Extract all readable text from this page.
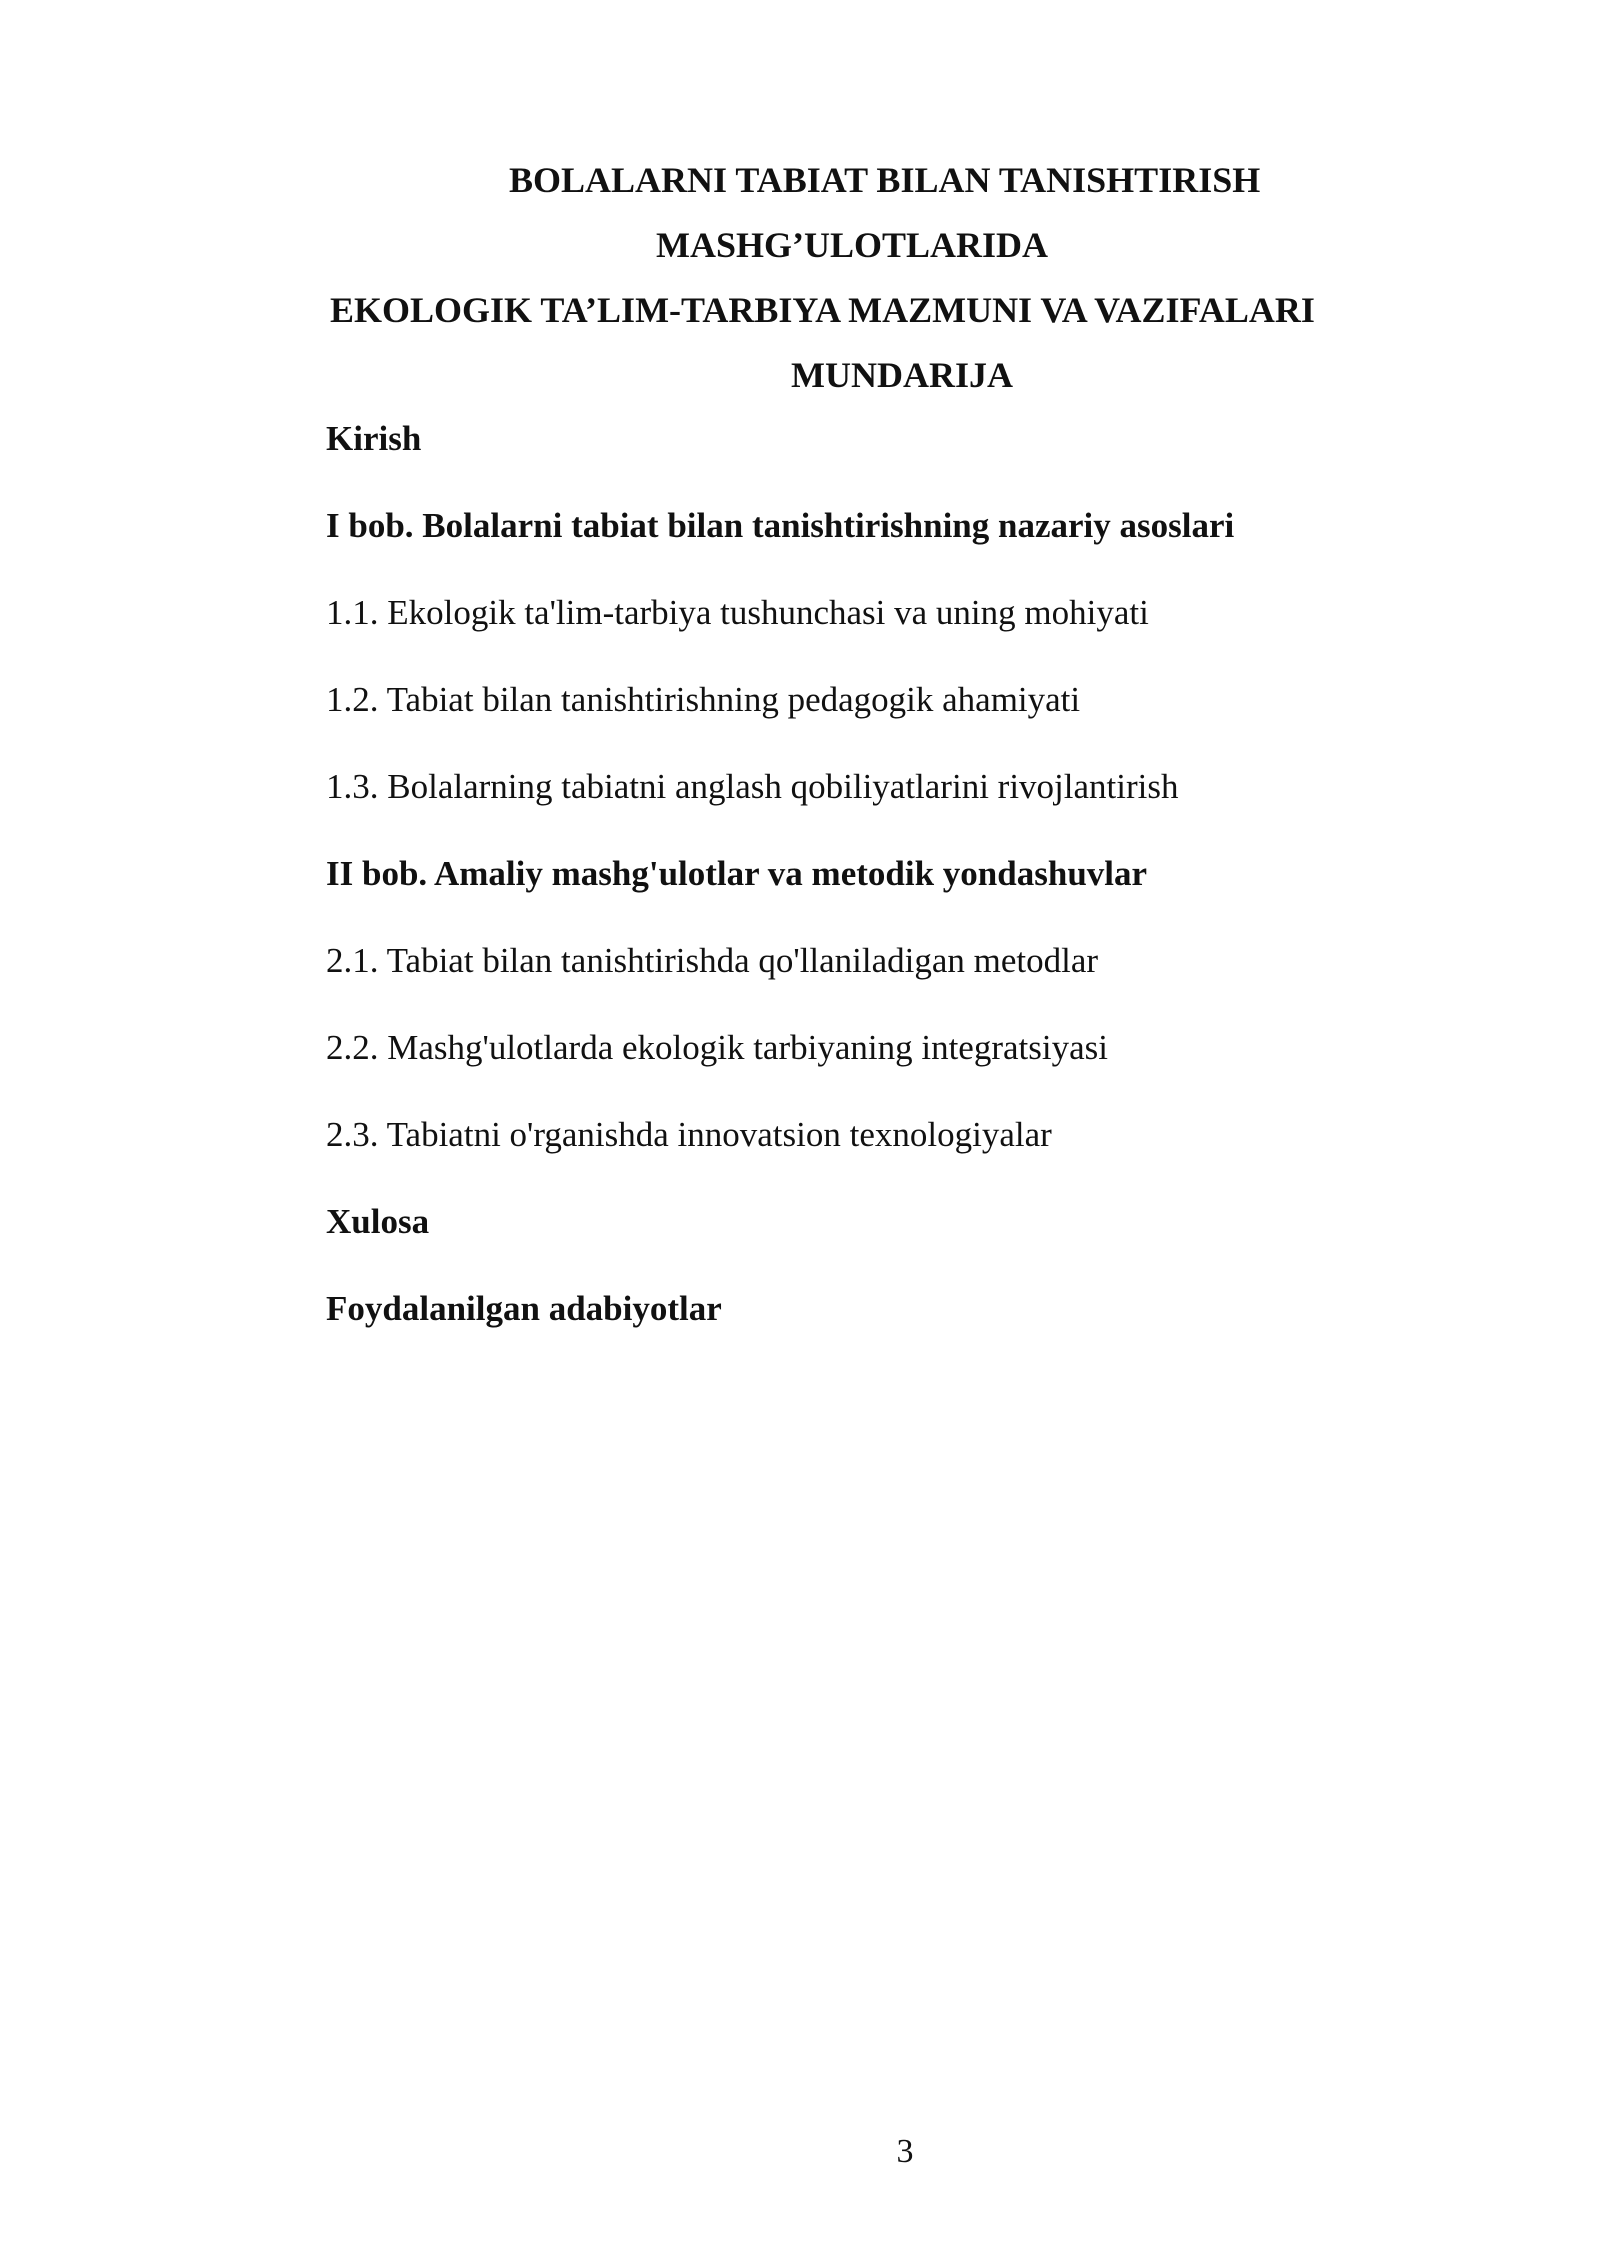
BOLALARNI TABIAT BILAN TANISHTIRISH
MASHG’ULOTLARIDA
EKOLOGIK TA’LIM-TARBIYA MAZMUNI VA VAZIFALARI
MUNDARIJA
Kirish
I bob. Bolalarni tabiat bilan tanishtirishning nazariy asoslari
1.1. Ekologik ta'lim-tarbiya tushunchasi va uning mohiyati
1.2. Tabiat bilan tanishtirishning pedagogik ahamiyati
1.3. Bolalarning tabiatni anglash qobiliyatlarini rivojlantirish
II bob. Amaliy mashg'ulotlar va metodik yondashuvlar
2.1. Tabiat bilan tanishtirishda qo'llaniladigan metodlar
2.2. Mashg'ulotlarda ekologik tarbiyaning integratsiyasi
2.3. Tabiatni o'rganishda innovatsion texnologiyalar
Xulosa
Foydalanilgan adabiyotlar
3
